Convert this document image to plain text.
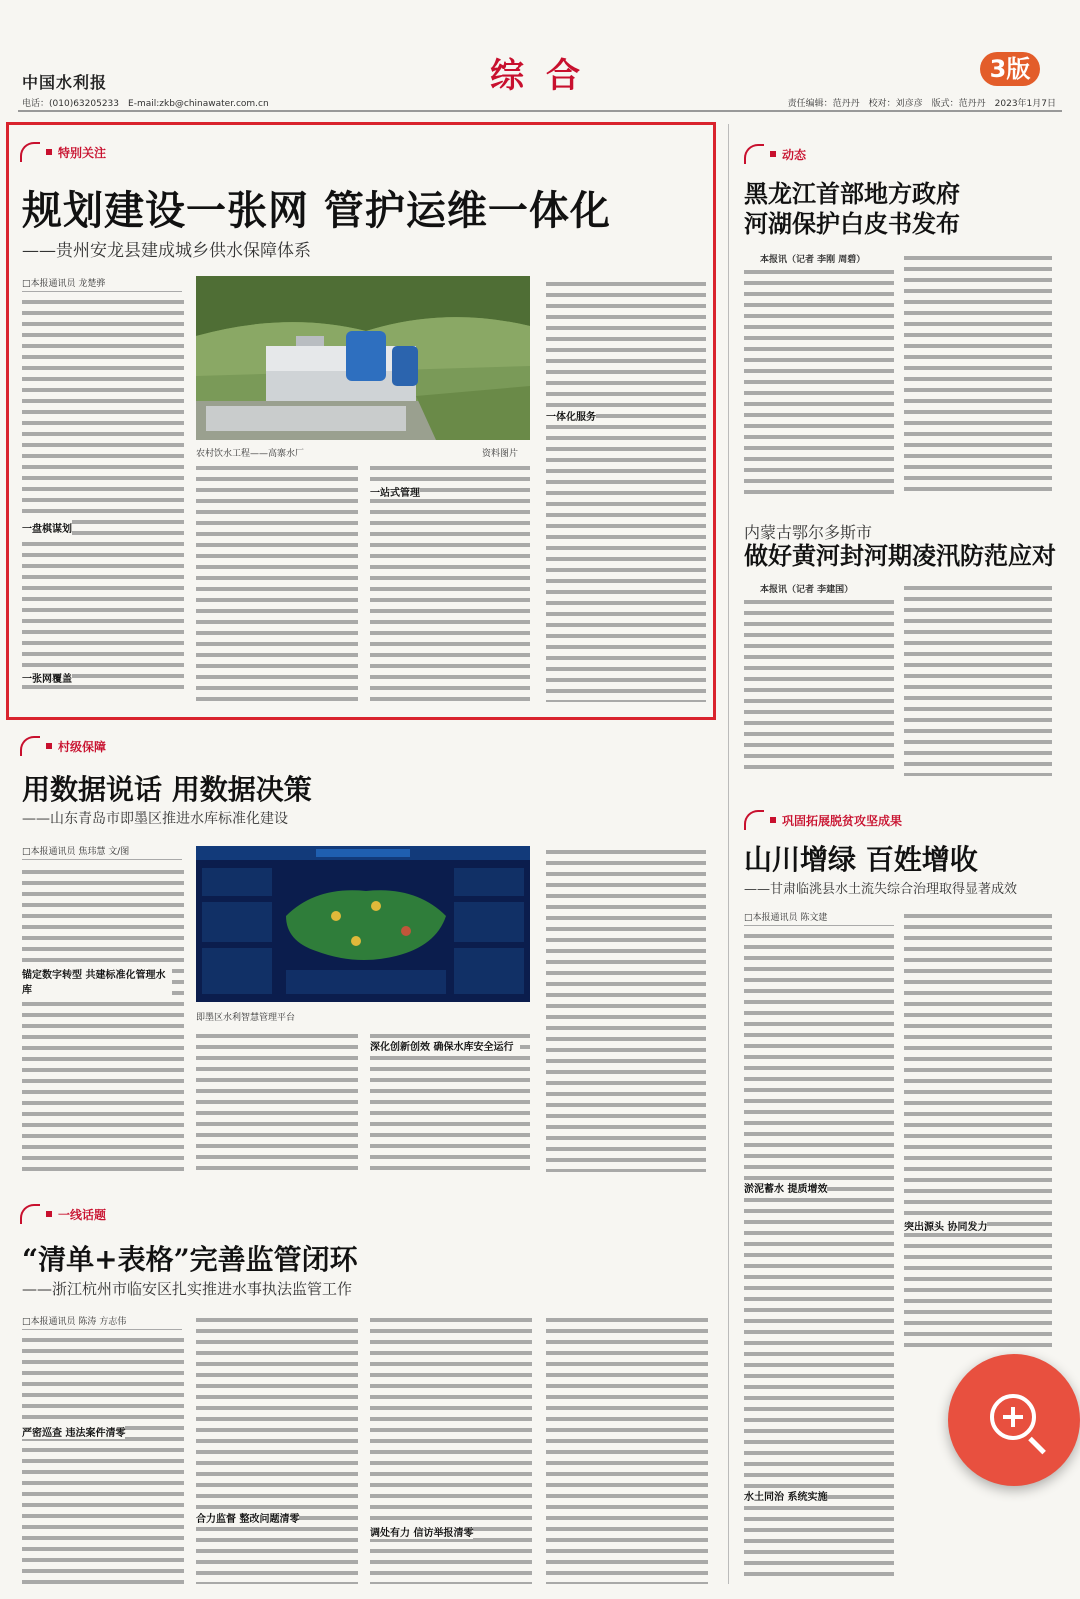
中国水利报	综合	3版
电话：(010)63205233　E-mail:zkb@chinawater.com.cn	责任编辑：范丹丹　校对：刘彦彦　版式：范丹丹　2023年1月7日
特别关注
规划建设一张网 管护运维一体化
——贵州安龙县建成城乡供水保障体系
□本报通讯员 龙楚骅
一盘棋谋划
一张网覆盖
农村饮水工程——高寨水厂	资料图片
一站式管理
一体化服务
动态
黑龙江首部地方政府
河湖保护白皮书发布
本报讯（记者 李刚 周碧）
内蒙古鄂尔多斯市
做好黄河封河期凌汛防范应对
本报讯（记者 李建国）
村级保障
用数据说话 用数据决策
——山东青岛市即墨区推进水库标准化建设
□本报通讯员 焦玮慧 文/图
锚定数字转型 共建标准化管理水库
即墨区水利智慧管理平台
深化创新创效 确保水库安全运行
巩固拓展脱贫攻坚成果
山川增绿 百姓增收
——甘肃临洮县水土流失综合治理取得显著成效
□本报通讯员 陈文建
淤泥蓄水 提质增效
水土同治 系统实施
突出源头 协同发力
一线话题
“清单+表格”完善监管闭环
——浙江杭州市临安区扎实推进水事执法监管工作
□本报通讯员 陈涛 方志伟
严密巡查 违法案件清零
合力监督 整改问题清零
调处有力 信访举报清零
